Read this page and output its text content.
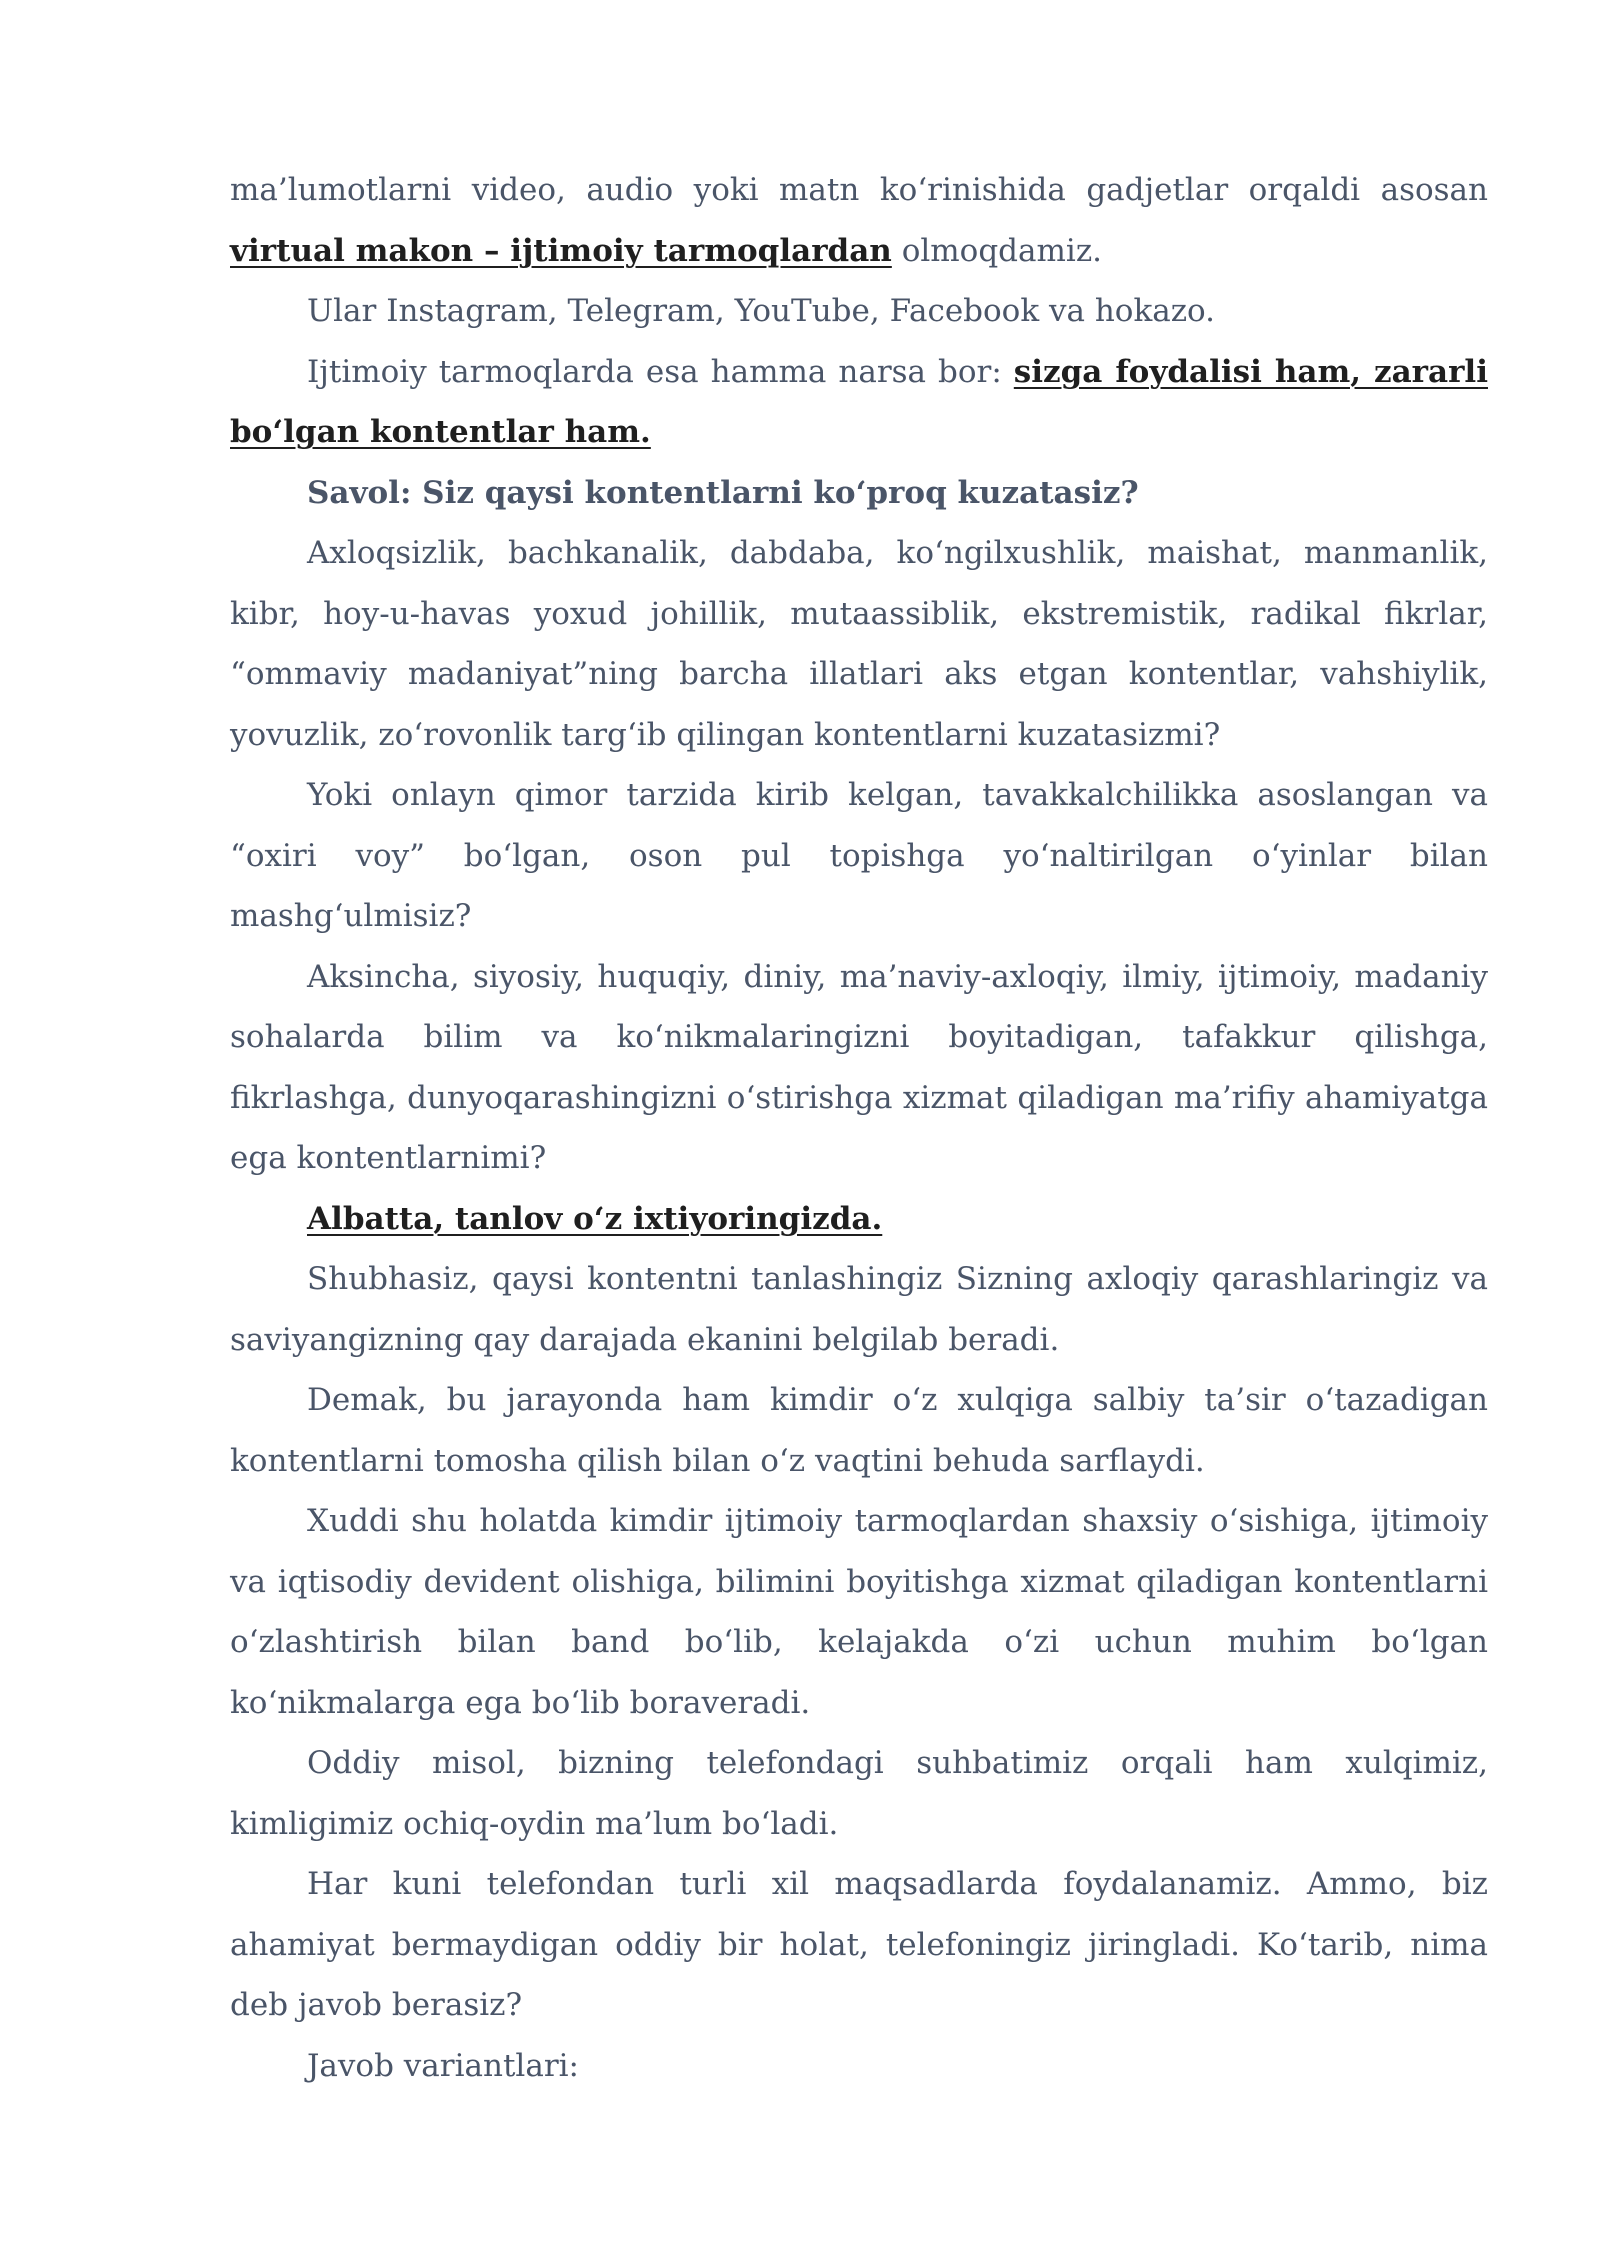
ma’lumotlarni video, audio yoki matn ko‘rinishida gadjetlar orqaldi asosan virtual makon – ijtimoiy tarmoqlardan olmoqdamiz.

Ular Instagram, Telegram, YouTube, Facebook va hokazo.

Ijtimoiy tarmoqlarda esa hamma narsa bor: sizga foydalisi ham, zararli bo‘lgan kontentlar ham.

Savol: Siz qaysi kontentlarni ko‘proq kuzatasiz?

Axloqsizlik, bachkanalik, dabdaba, ko‘ngilxushlik, maishat, manmanlik, kibr, hoy-u-havas yoxud johillik, mutaassiblik, ekstremistik, radikal fikrlar, “ommaviy madaniyat”ning barcha illatlari aks etgan kontentlar, vahshiylik, yovuzlik, zo‘rovonlik targ‘ib qilingan kontentlarni kuzatasizmi?

Yoki onlayn qimor tarzida kirib kelgan, tavakkalchilikka asoslangan va “oxiri voy” bo‘lgan, oson pul topishga yo‘naltirilgan o‘yinlar bilan mashg‘ulmisiz?

Aksincha, siyosiy, huquqiy, diniy, ma’naviy-axloqiy, ilmiy, ijtimoiy, madaniy sohalarda bilim va ko‘nikmalaringizni boyitadigan, tafakkur qilishga, fikrlashga, dunyoqarashingizni o‘stirishga xizmat qiladigan ma’rifiy ahamiyatga ega kontentlarnimi?

Albatta, tanlov o‘z ixtiyoringizda.

Shubhasiz, qaysi kontentni tanlashingiz Sizning axloqiy qarashlaringiz va saviyangizning qay darajada ekanini belgilab beradi.

Demak, bu jarayonda ham kimdir o‘z xulqiga salbiy ta’sir o‘tazadigan kontentlarni tomosha qilish bilan o‘z vaqtini behuda sarflaydi.

Xuddi shu holatda kimdir ijtimoiy tarmoqlardan shaxsiy o‘sishiga, ijtimoiy va iqtisodiy devident olishiga, bilimini boyitishga xizmat qiladigan kontentlarni o‘zlashtirish bilan band bo‘lib, kelajakda o‘zi uchun muhim bo‘lgan ko‘nikmalarga ega bo‘lib boraveradi.

Oddiy misol, bizning telefondagi suhbatimiz orqali ham xulqimiz, kimligimiz ochiq-oydin ma’lum bo‘ladi.

Har kuni telefondan turli xil maqsadlarda foydalanamiz. Ammo, biz ahamiyat bermaydigan oddiy bir holat, telefoningiz jiringladi. Ko‘tarib, nima deb javob berasiz?

Javob variantlari:
